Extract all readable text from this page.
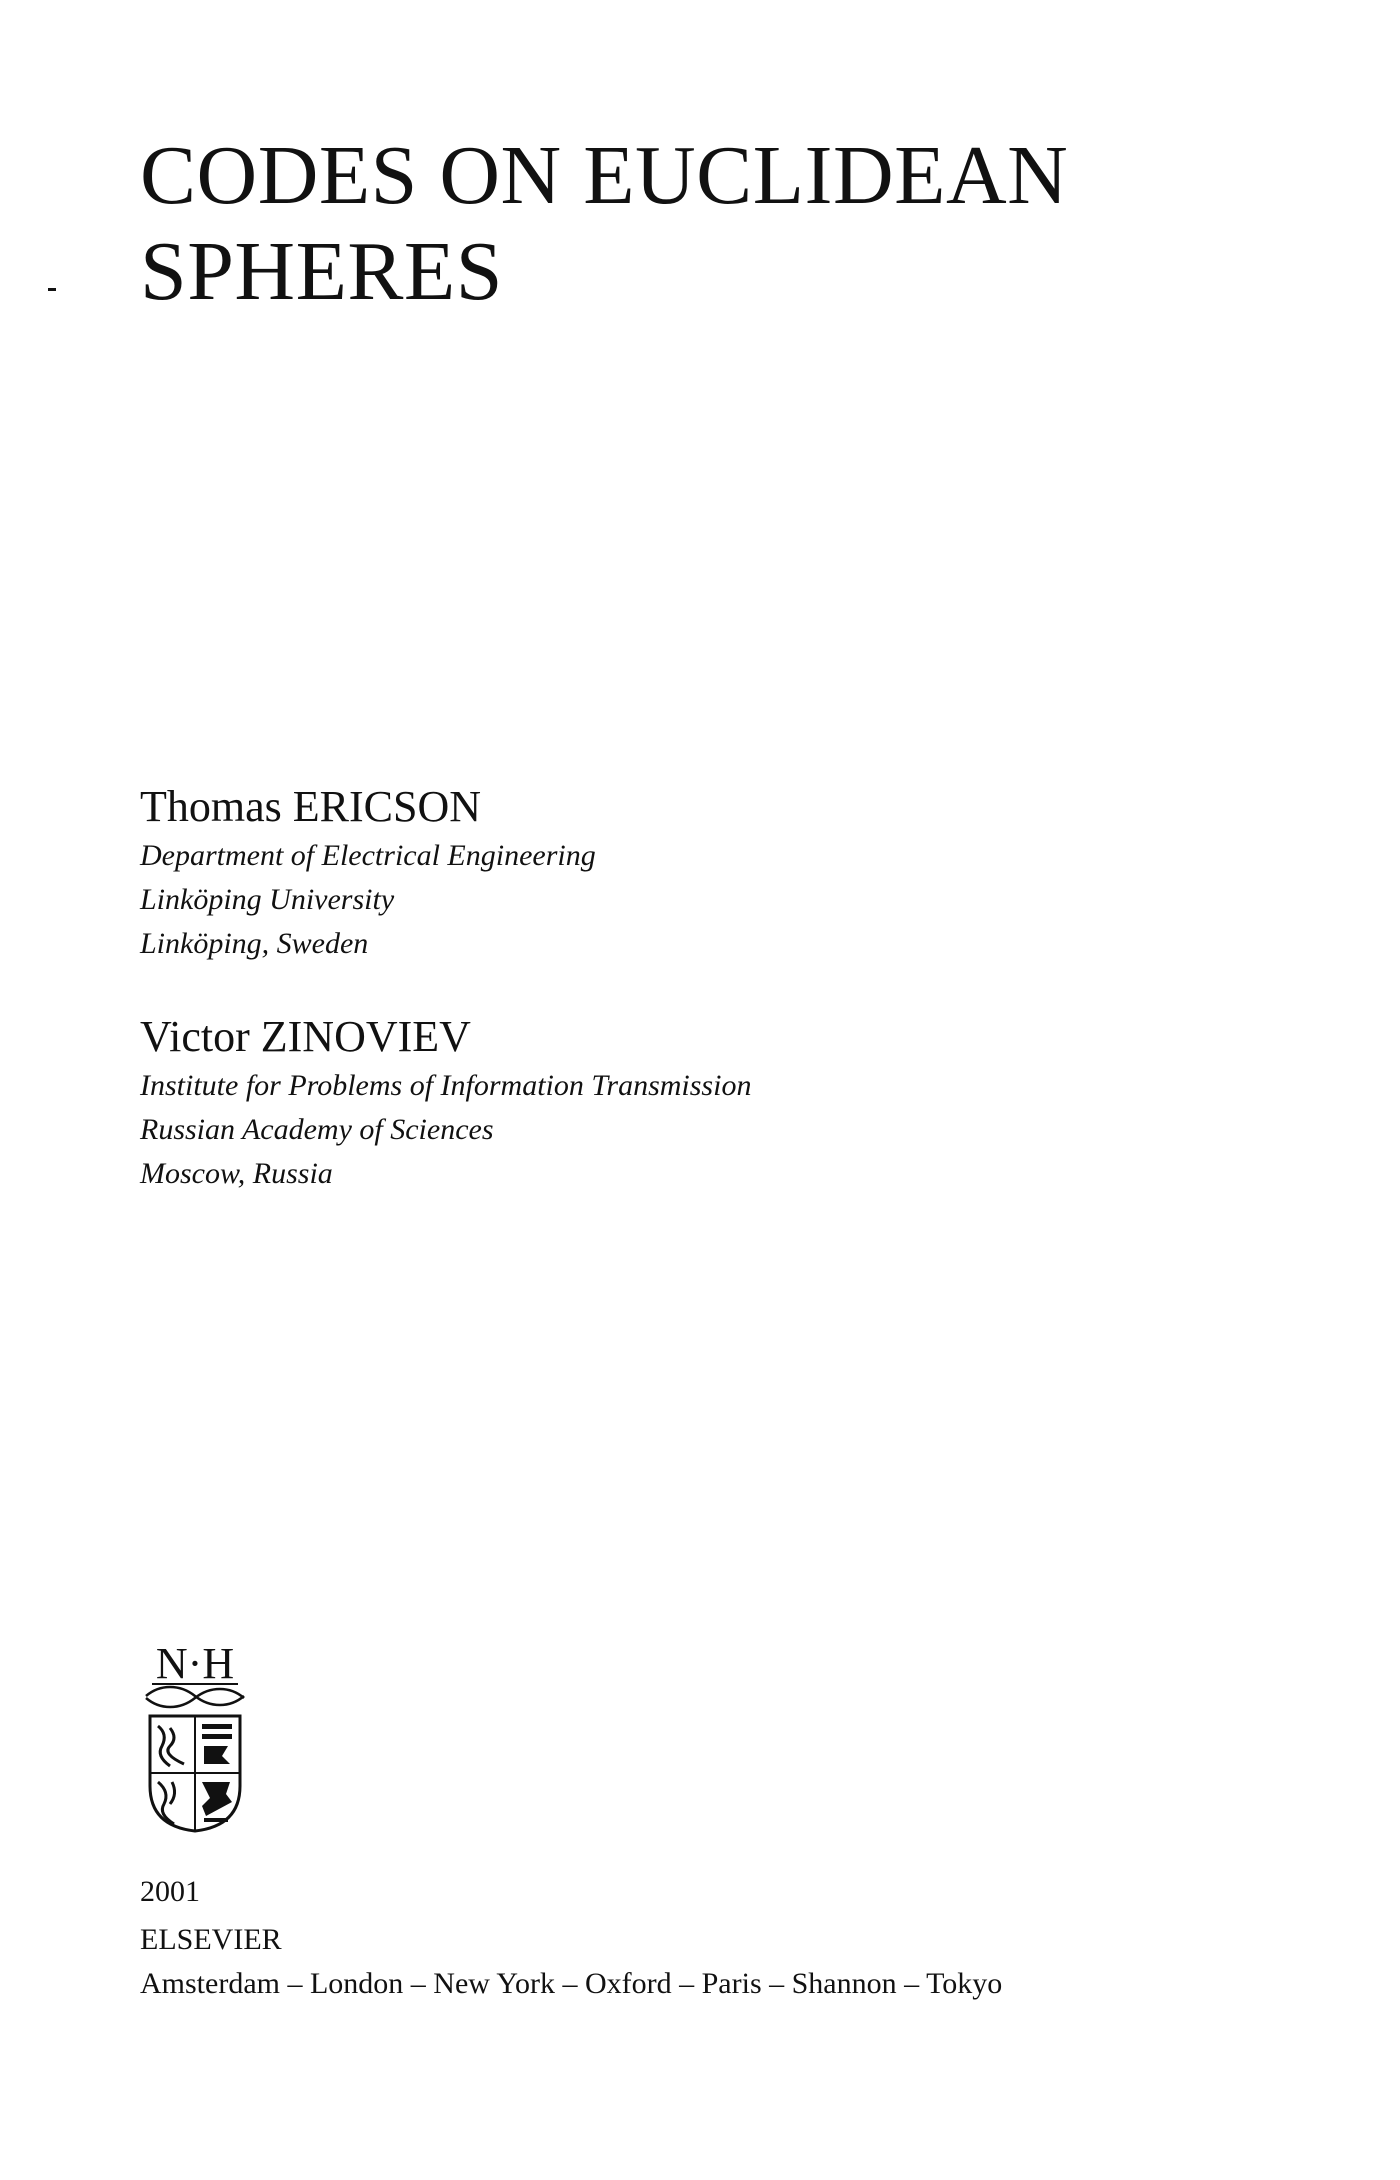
CODES ON EUCLIDEAN
SPHERES
Thomas ERICSON
Department of Electrical Engineering
Linköping University
Linköping, Sweden
Victor ZINOVIEV
Institute for Problems of Information Transmission
Russian Academy of Sciences
Moscow, Russia
N·H
2001
ELSEVIER
Amsterdam – London – New York – Oxford – Paris – Shannon – Tokyo
